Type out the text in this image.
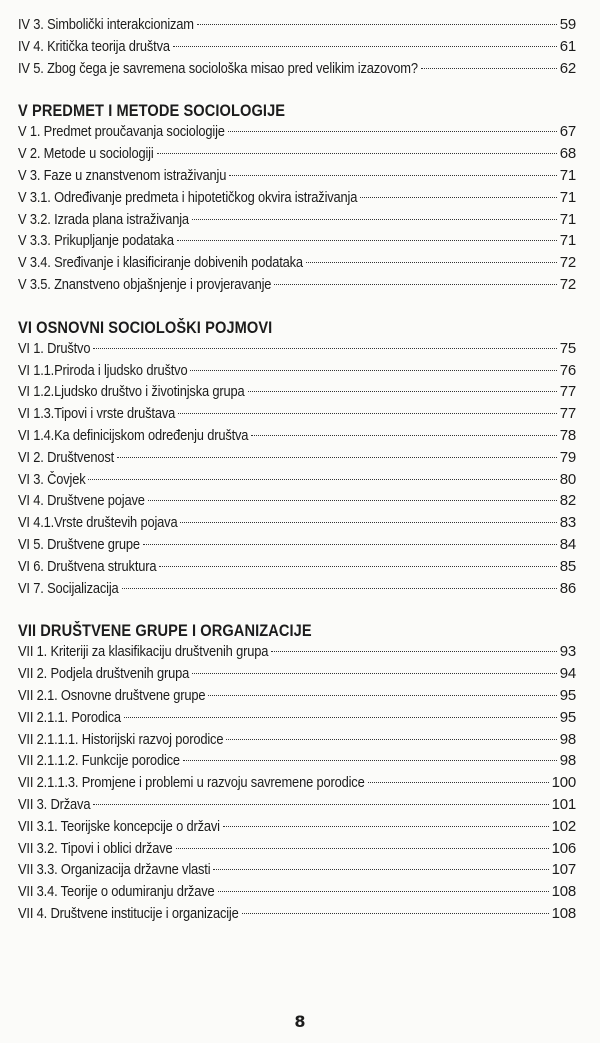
IV 3. Simbolički interakcionizam	59
IV 4. Kritička teorija društva	61
IV 5. Zbog čega je savremena sociološka misao pred velikim izazovom?	62
V PREDMET I METODE SOCIOLOGIJE
V 1. Predmet proučavanja sociologije	67
V 2. Metode u sociologiji	68
V 3. Faze u znanstvenom istraživanju	71
V 3.1. Određivanje predmeta i hipotetičkog okvira istraživanja	71
V 3.2. Izrada plana istraživanja	71
V 3.3. Prikupljanje podataka	71
V 3.4. Sređivanje i klasificiranje dobivenih podataka	72
V 3.5. Znanstveno objašnjenje i provjeravanje	72
VI OSNOVNI SOCIOLOŠKI POJMOVI
VI 1. Društvo	75
VI 1.1.Priroda i ljudsko društvo	76
VI 1.2.Ljudsko društvo i životinjska grupa	77
VI 1.3.Tipovi i vrste društava	77
VI 1.4.Ka definicijskom određenju društva	78
VI 2. Društvenost	79
VI 3. Čovjek	80
VI 4. Društvene pojave	82
VI 4.1.Vrste društevih pojava	83
VI 5. Društvene grupe	84
VI 6. Društvena struktura	85
VI 7. Socijalizacija	86
VII DRUŠTVENE GRUPE I ORGANIZACIJE
VII 1. Kriteriji za klasifikaciju društvenih grupa	93
VII 2. Podjela društvenih grupa	94
VII 2.1. Osnovne društvene grupe	95
VII 2.1.1. Porodica	95
VII 2.1.1.1. Historijski razvoj porodice	98
VII 2.1.1.2. Funkcije porodice	98
VII 2.1.1.3. Promjene i problemi u razvoju savremene porodice	100
VII 3. Država	101
VII 3.1. Teorijske koncepcije o državi	102
VII 3.2. Tipovi i oblici države	106
VII 3.3. Organizacija državne vlasti	107
VII 3.4. Teorije o odumiranju države	108
VII 4. Društvene institucije i organizacije	108
8
